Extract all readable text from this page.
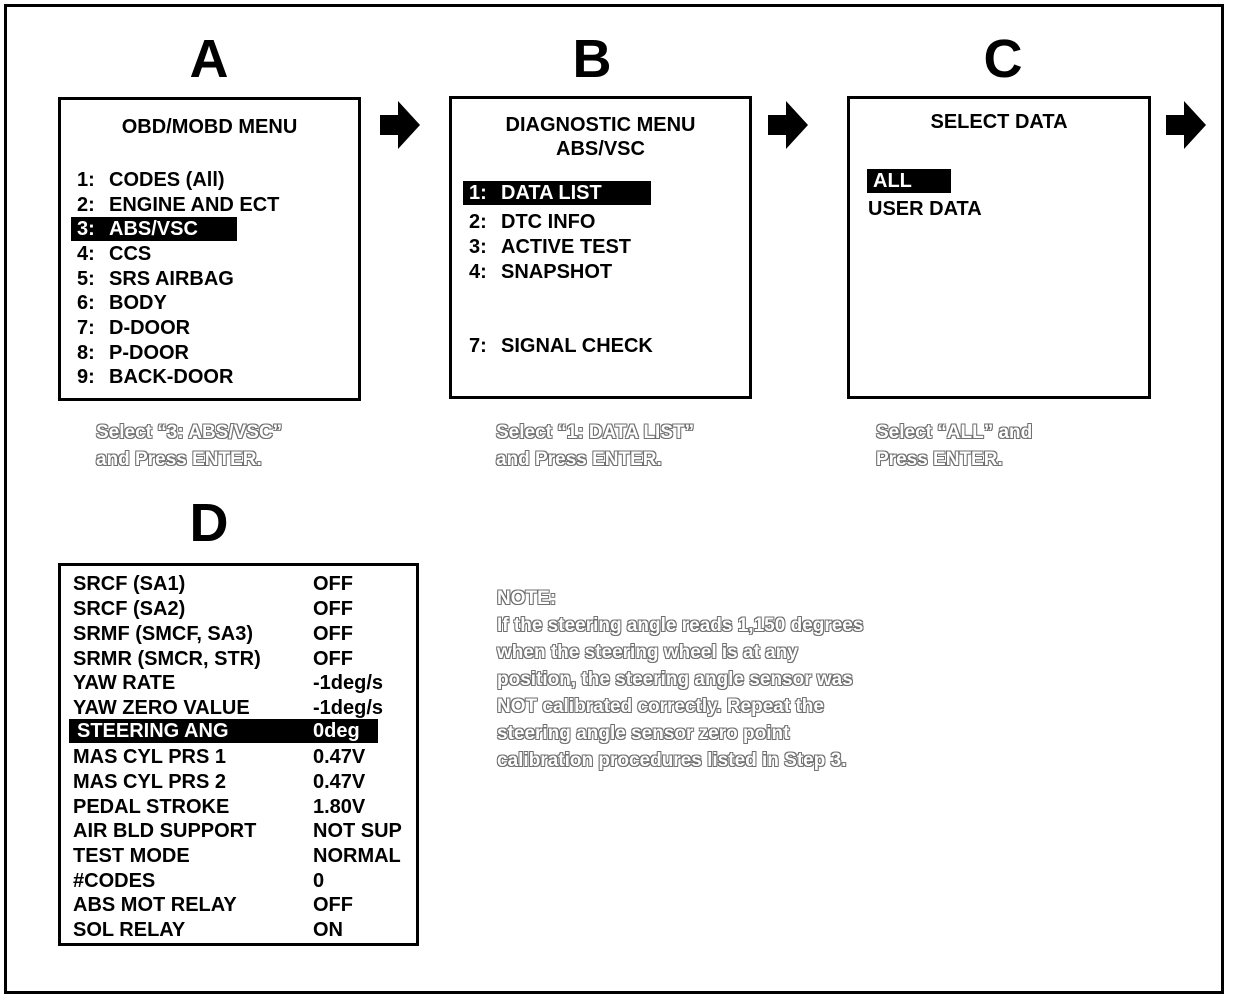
A
OBD/MOBD MENU
1: CODES (All)
2: ENGINE AND ECT
3: ABS/VSC
4: CCS
5: SRS AIRBAG
6: BODY
7: D-DOOR
8: P-DOOR
9: BACK-DOOR
Select “3: ABS/VSC”
and Press ENTER.
B
DIAGNOSTIC MENU
ABS/VSC
1: DATA LIST
2: DTC INFO
3: ACTIVE TEST
4: SNAPSHOT
7: SIGNAL CHECK
Select “1: DATA LIST”
and Press ENTER.
C
SELECT DATA
ALL
USER DATA
Select “ALL” and
Press ENTER.
D
SRCF (SA1)	OFF
SRCF (SA2)	OFF
SRMF (SMCF, SA3)	OFF
SRMR (SMCR, STR)	OFF
YAW RATE	-1deg/s
YAW ZERO VALUE	-1deg/s
STEERING ANG	0deg
MAS CYL PRS 1	0.47V
MAS CYL PRS 2	0.47V
PEDAL STROKE	1.80V
AIR BLD SUPPORT	NOT SUP
TEST MODE	NORMAL
#CODES	0
ABS MOT RELAY	OFF
SOL RELAY	ON
NOTE:
If the steering angle reads 1,150 degrees
when the steering wheel is at any
position, the steering angle sensor was
NOT calibrated correctly. Repeat the
steering angle sensor zero point
calibration procedures listed in Step 3.
